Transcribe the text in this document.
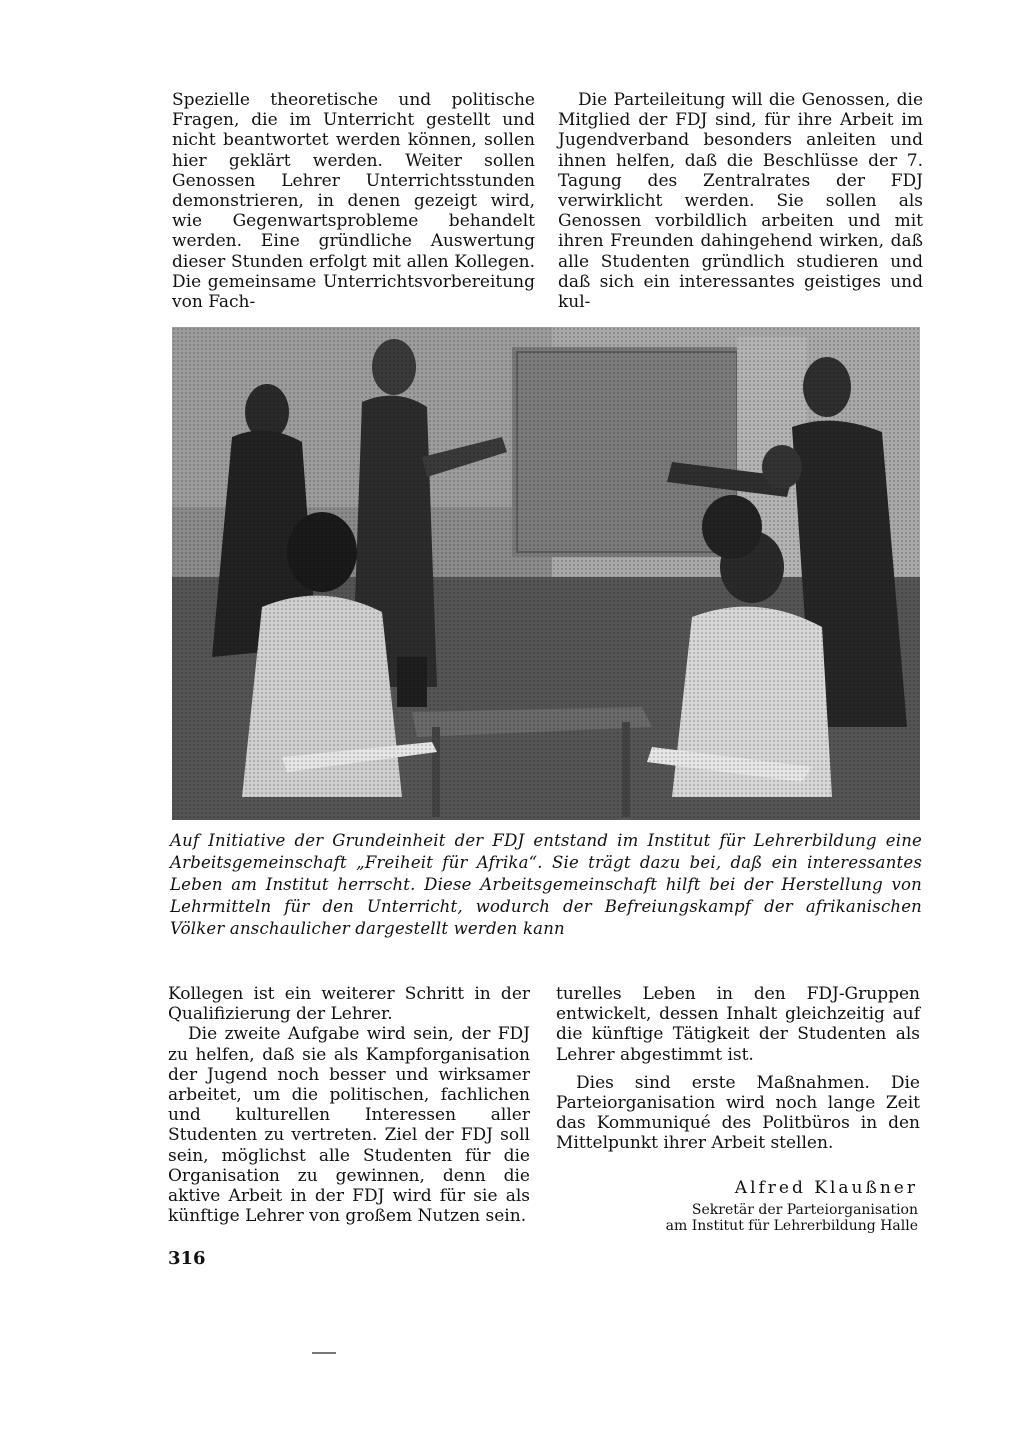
Spezielle theoretische und politische Fragen, die im Unterricht gestellt und nicht beantwortet werden können, sollen hier geklärt werden. Weiter sollen Genossen Lehrer Unterrichtsstunden demonstrieren, in denen gezeigt wird, wie Gegenwartsprobleme behandelt werden. Eine gründliche Auswertung dieser Stunden erfolgt mit allen Kollegen. Die gemeinsame Unterrichtsvorbereitung von Fach-

Die Parteileitung will die Genossen, die Mitglied der FDJ sind, für ihre Arbeit im Jugendverband besonders anleiten und ihnen helfen, daß die Beschlüsse der 7. Tagung des Zentralrates der FDJ verwirklicht werden. Sie sollen als Genossen vorbildlich arbeiten und mit ihren Freunden dahingehend wirken, daß alle Studenten gründlich studieren und daß sich ein interessantes geistiges und kul-

Auf Initiative der Grundeinheit der FDJ entstand im Institut für Lehrerbildung eine Arbeitsgemeinschaft „Freiheit für Afrika“. Sie trägt dazu bei, daß ein interessantes Leben am Institut herrscht. Diese Arbeitsgemeinschaft hilft bei der Herstellung von Lehrmitteln für den Unterricht, wodurch der Befreiungskampf der afrikanischen Völker anschaulicher dargestellt werden kann

Kollegen ist ein weiterer Schritt in der Qualifizierung der Lehrer.

Die zweite Aufgabe wird sein, der FDJ zu helfen, daß sie als Kampforganisation der Jugend noch besser und wirksamer arbeitet, um die politischen, fachlichen und kulturellen Interessen aller Studenten zu vertreten. Ziel der FDJ soll sein, möglichst alle Studenten für die Organisation zu gewinnen, denn die aktive Arbeit in der FDJ wird für sie als künftige Lehrer von großem Nutzen sein.

turelles Leben in den FDJ-Gruppen entwickelt, dessen Inhalt gleichzeitig auf die künftige Tätigkeit der Studenten als Lehrer abgestimmt ist.

Dies sind erste Maßnahmen. Die Parteiorganisation wird noch lange Zeit das Kommuniqué des Politbüros in den Mittelpunkt ihrer Arbeit stellen.

Alfred Klaußner
Sekretär der Parteiorganisation
am Institut für Lehrerbildung Halle
316
